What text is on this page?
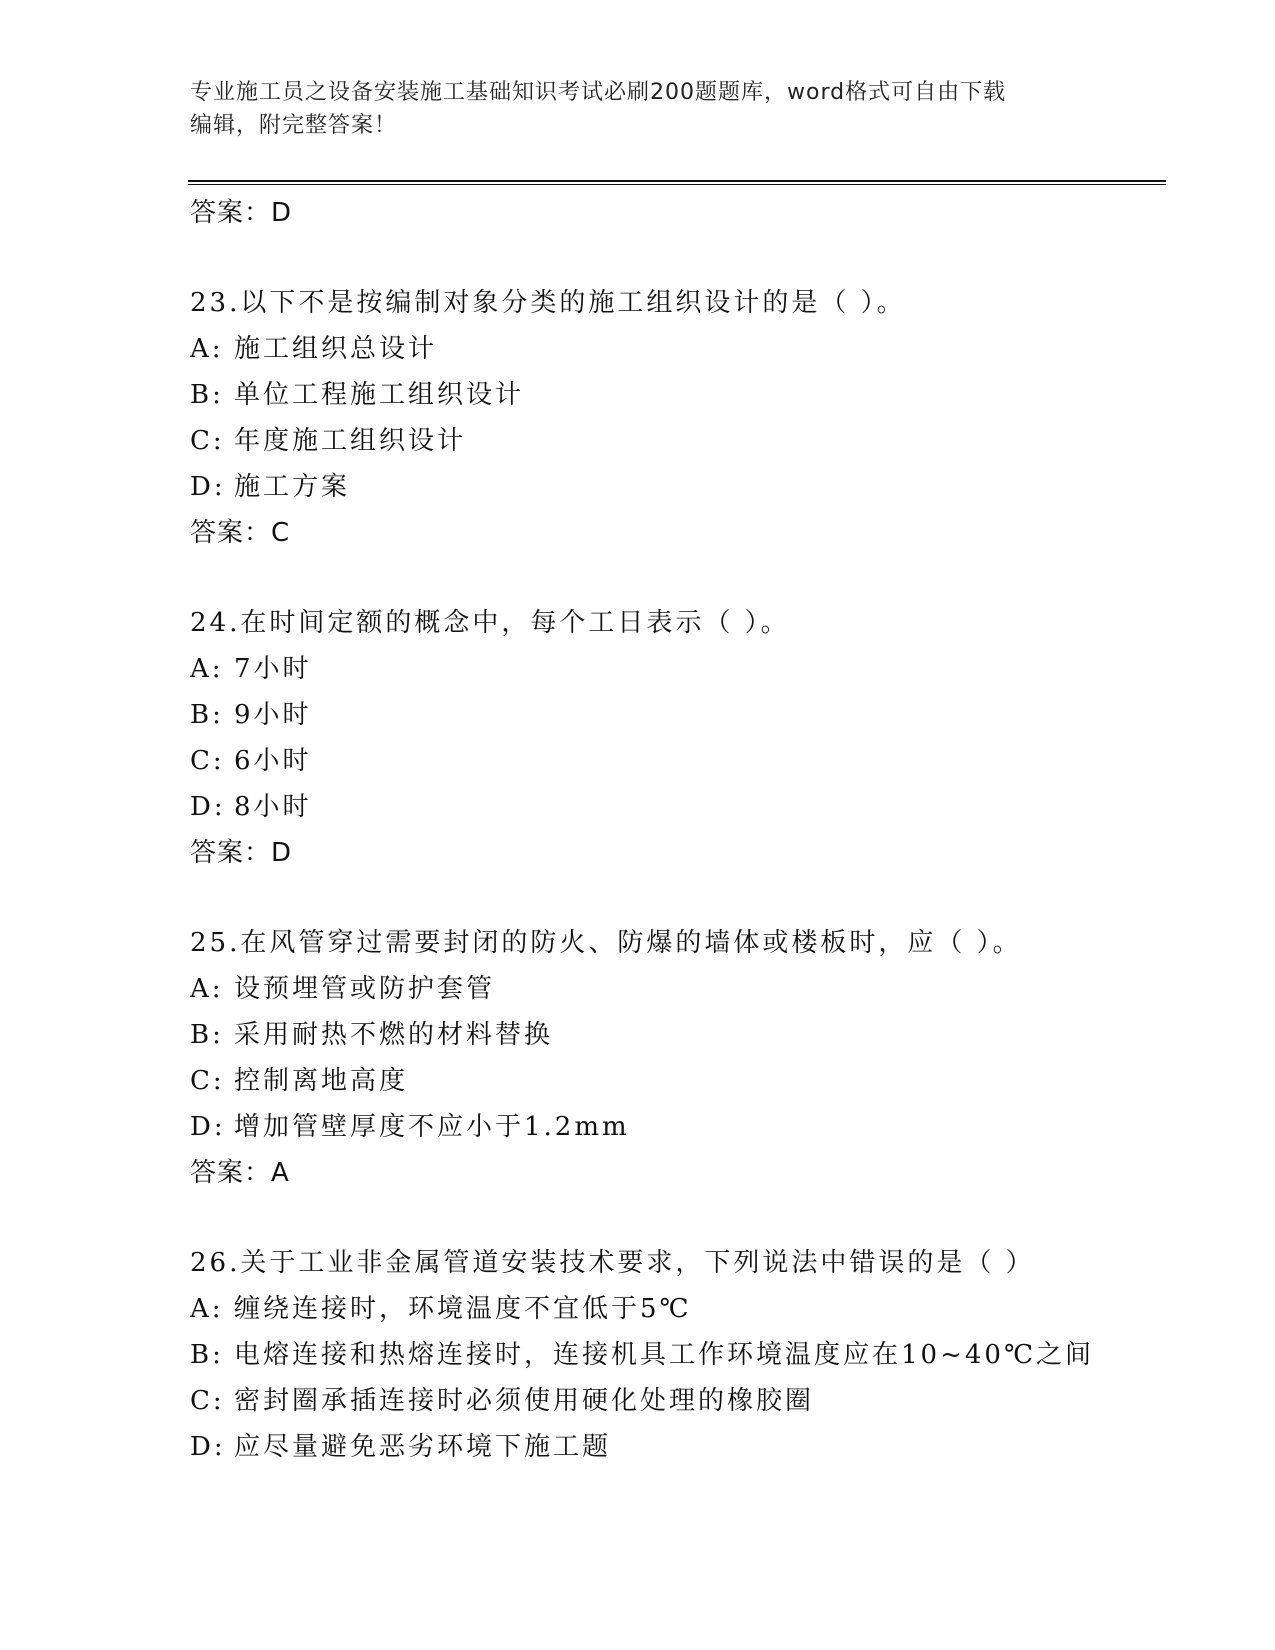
专业施工员之设备安装施工基础知识考试必刷200题题库，word格式可自由下载
编辑，附完整答案！
答案：D
23.以下不是按编制对象分类的施工组织设计的是（ ）。
A: 施工组织总设计
B: 单位工程施工组织设计
C: 年度施工组织设计
D: 施工方案
答案：C
24.在时间定额的概念中，每个工日表示（ ）。
A: 7小时
B: 9小时
C: 6小时
D: 8小时
答案：D
25.在风管穿过需要封闭的防火、防爆的墙体或楼板时，应（ ）。
A: 设预埋管或防护套管
B: 采用耐热不燃的材料替换
C: 控制离地高度
D: 增加管壁厚度不应小于1.2mm
答案：A
26.关于工业非金属管道安装技术要求，下列说法中错误的是（ ）
A: 缠绕连接时，环境温度不宜低于5℃
B: 电熔连接和热熔连接时，连接机具工作环境温度应在10~40℃之间
C: 密封圈承插连接时必须使用硬化处理的橡胶圈
D: 应尽量避免恶劣环境下施工题
